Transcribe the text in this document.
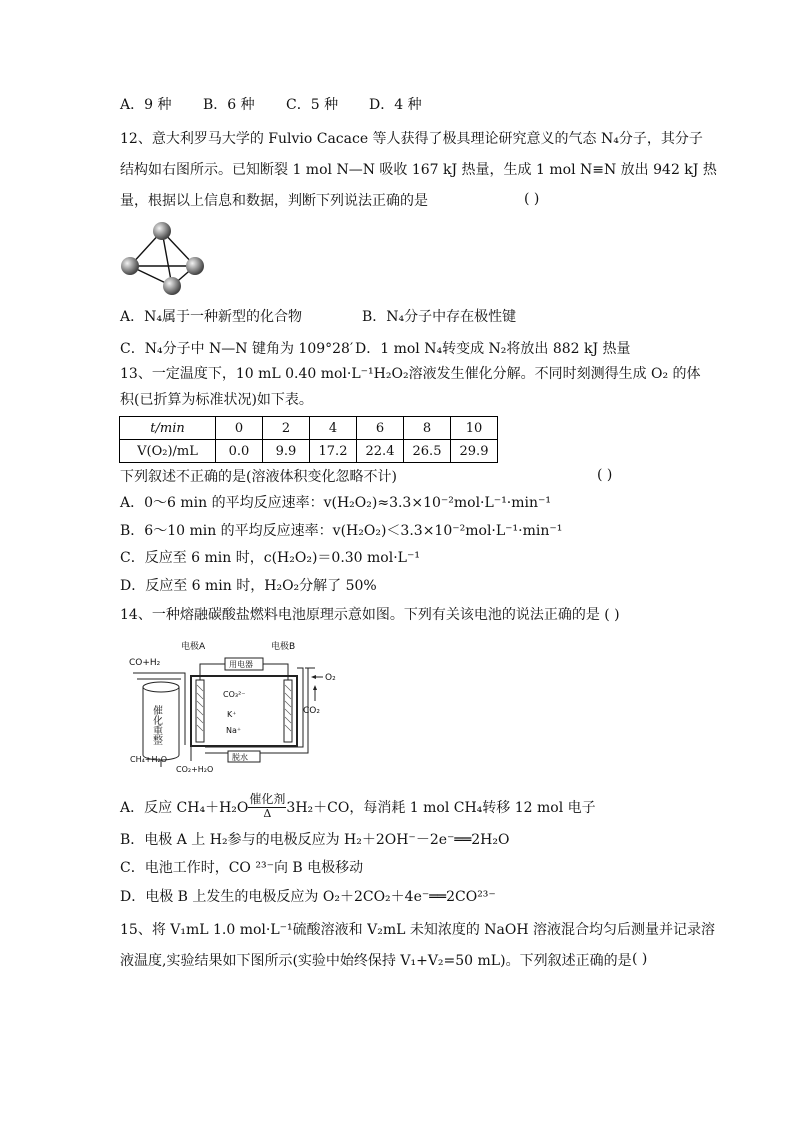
A．9 种 B．6 种 C．5 种 D．4 种
12、意大利罗马大学的 Fulvio Cacace 等人获得了极具理论研究意义的气态 N₄分子，其分子
结构如右图所示。已知断裂 1 mol N—N 吸收 167 kJ 热量，生成 1 mol N≡N 放出 942 kJ 热
量，根据以上信息和数据，判断下列说法正确的是	( )
A．N₄属于一种新型的化合物	B．N₄分子中存在极性键
C．N₄分子中 N—N 键角为 109°28′ D．1 mol N₄转变成 N₂将放出 882 kJ 热量
13、一定温度下，10 mL 0.40 mol·L⁻¹H₂O₂溶液发生催化分解。不同时刻测得生成 O₂ 的体
积(已折算为标准状况)如下表。
t/min	0	2	4	6	8	10
V(O₂)/mL	0.0	9.9	17.2	22.4	26.5	29.9
下列叙述不正确的是(溶液体积变化忽略不计)	( )
A．0～6 min 的平均反应速率：v(H₂O₂)≈3.3×10⁻²mol·L⁻¹·min⁻¹
B．6～10 min 的平均反应速率：v(H₂O₂)＜3.3×10⁻²mol·L⁻¹·min⁻¹
C．反应至 6 min 时，c(H₂O₂)＝0.30 mol·L⁻¹
D．反应至 6 min 时，H₂O₂分解了 50%
14、一种熔融碳酸盐燃料电池原理示意如图。下列有关该电池的说法正确的是 ( )
电极A	电极B
用电器
CO+H₂
O₂
CO₂
CO₃²⁻
K⁺
Na⁺
CH₄+H₂O
CO₂+H₂O
脱水
催化重整
A．反应 CH₄＋H₂O
催化剂
Δ	3H₂＋CO，每消耗 1 mol CH₄转移 12 mol 电子
B．电极 A 上 H₂参与的电极反应为 H₂＋2OH⁻－2e⁻══2H₂O
C．电池工作时，CO ²³⁻向 B 电极移动
D．电极 B 上发生的电极反应为 O₂＋2CO₂＋4e⁻══2CO²³⁻
15、将 V₁mL 1.0 mol·L⁻¹硫酸溶液和 V₂mL 未知浓度的 NaOH 溶液混合均匀后测量并记录溶
液温度,实验结果如下图所示(实验中始终保持 V₁+V₂=50 mL)。下列叙述正确的是 ( )
